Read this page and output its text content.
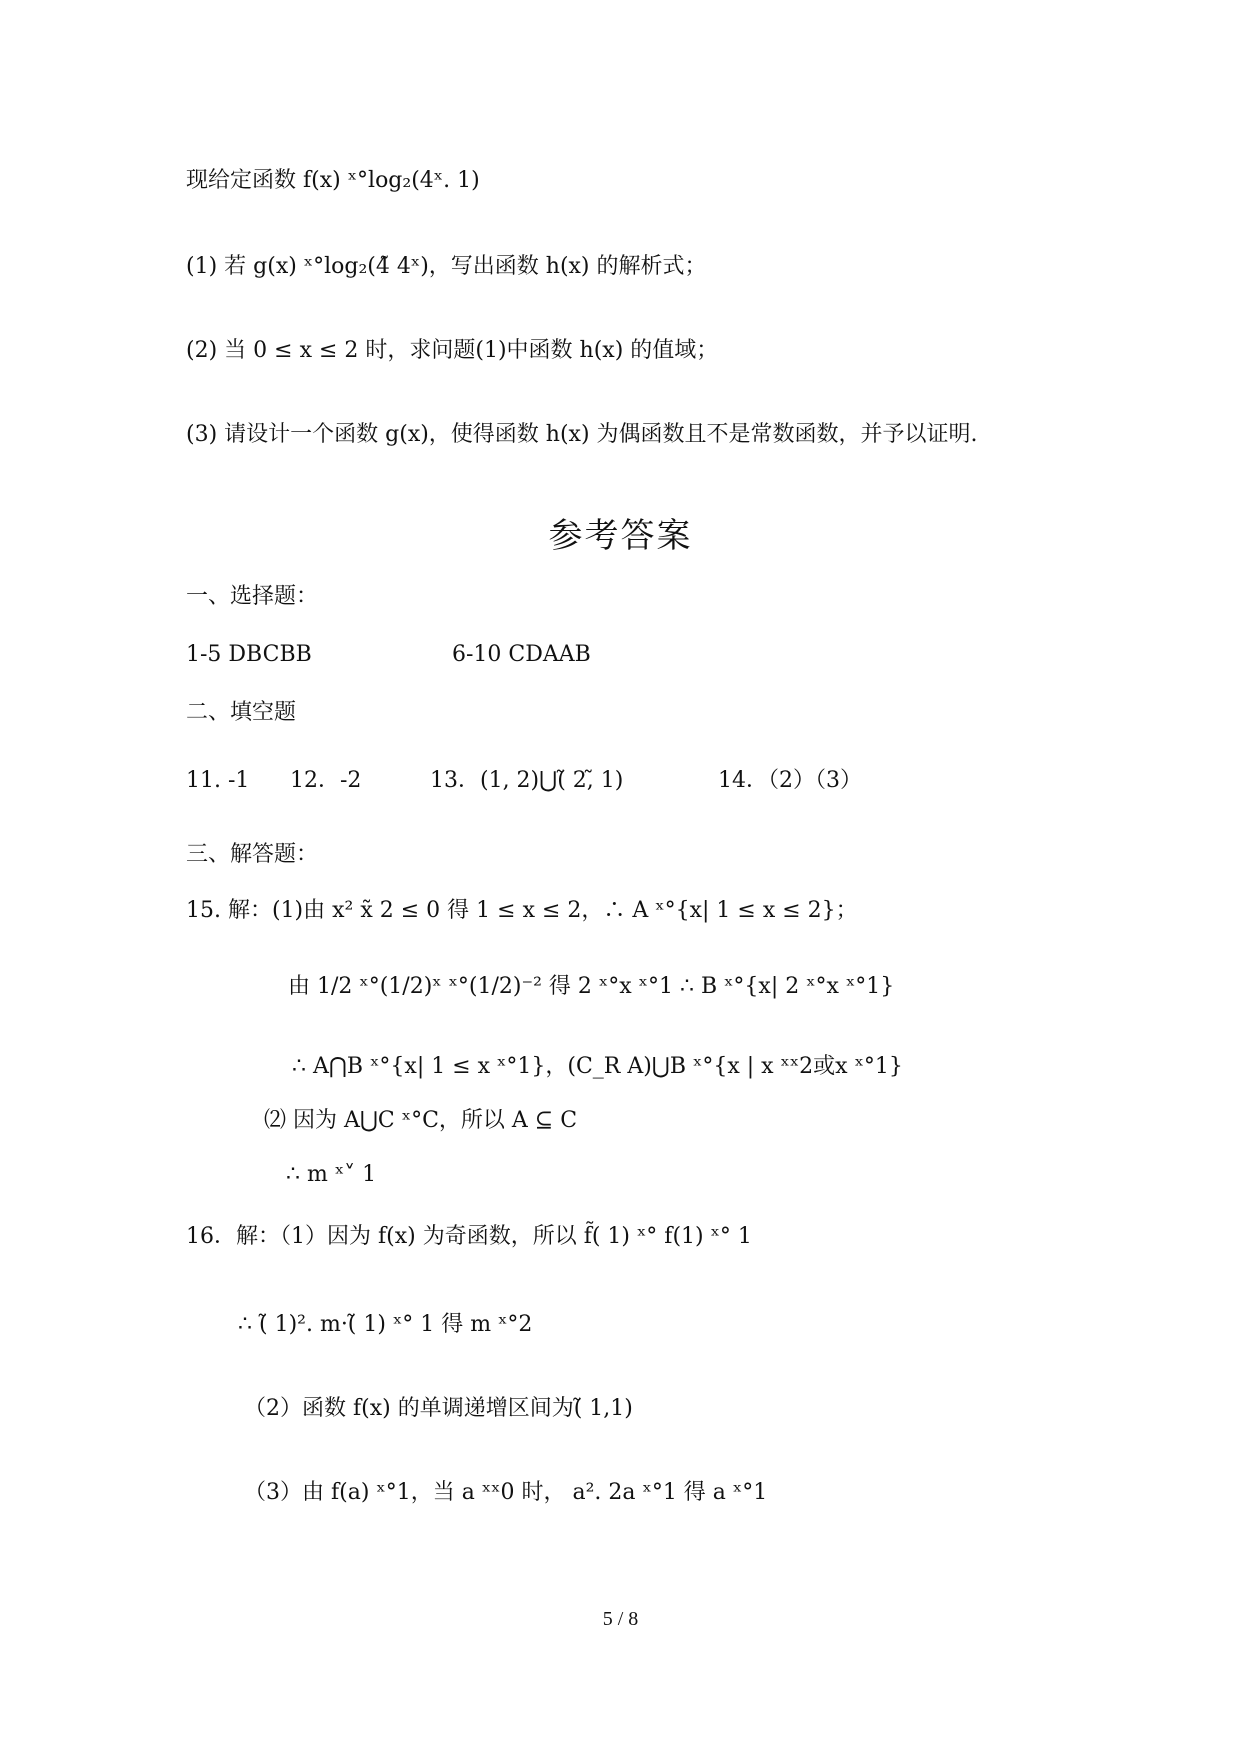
现给定函数 f(x) ˣ°log₂(4ˣ. 1)
(1) 若 g(x) ˣ°log₂(4̃ 4ˣ)，写出函数 h(x) 的解析式；
(2) 当 0 ≤ x ≤ 2 时，求问题(1)中函数 h(x) 的值域；
(3) 请设计一个函数 g(x)，使得函数 h(x) 为偶函数且不是常数函数，并予以证明.
参考答案
一、选择题：
1-5 DBCBB	6-10 CDAAB
二、填空题
11. -1 12．-2	13．(1, 2)⋃(̃ 2,̃ 1)	14．（2）（3）
三、解答题：
15. 解：(1)由 x² x̃ 2 ≤ 0 得 1 ≤ x ≤ 2，∴ A ˣ°{x| 1 ≤ x ≤ 2}；
由 1/2 ˣ°(1/2)ˣ ˣ°(1/2)⁻² 得 2 ˣ°x ˣ°1 ∴ B ˣ°{x| 2 ˣ°x ˣ°1}
∴ A⋂B ˣ°{x| 1 ≤ x ˣ°1}，(C_R A)⋃B ˣ°{x | x ˣˣ2或x ˣ°1}
⑵ 因为 A⋃C ˣ°C，所以 A ⊆ C
∴ m ˣ˅ 1
16．解：（1）因为 f(x) 为奇函数，所以 f̃( 1) ˣ° f(1) ˣ° 1
∴ (̃ 1)². m·(̃ 1) ˣ° 1 得 m ˣ°2
（2）函数 f(x) 的单调递增区间为(̃ 1,1)
（3）由 f(a) ˣ°1，当 a ˣˣ0 时， a². 2a ˣ°1 得 a ˣ°1
5 / 8
